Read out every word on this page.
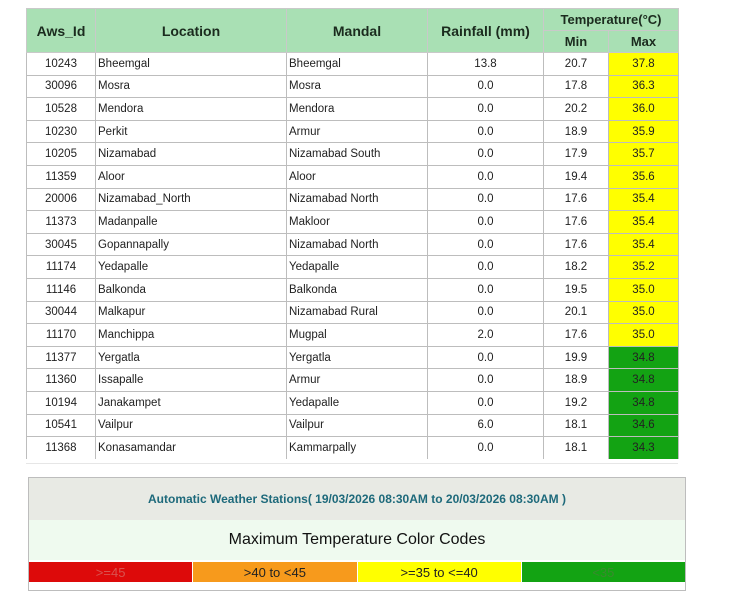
Aws_Id	Location	Mandal	Rainfall (mm)	Temperature(°C)	
				Min	Max
10243	Bheemgal	Bheemgal	13.8	20.7	37.8
30096	Mosra	Mosra	0.0	17.8	36.3
10528	Mendora	Mendora	0.0	20.2	36.0
10230	Perkit	Armur	0.0	18.9	35.9
10205	Nizamabad	Nizamabad South	0.0	17.9	35.7
11359	Aloor	Aloor	0.0	19.4	35.6
20006	Nizamabad_North	Nizamabad North	0.0	17.6	35.4
11373	Madanpalle	Makloor	0.0	17.6	35.4
30045	Gopannapally	Nizamabad North	0.0	17.6	35.4
11174	Yedapalle	Yedapalle	0.0	18.2	35.2
11146	Balkonda	Balkonda	0.0	19.5	35.0
30044	Malkapur	Nizamabad Rural	0.0	20.1	35.0
11170	Manchippa	Mugpal	2.0	17.6	35.0
11377	Yergatla	Yergatla	0.0	19.9	34.8
11360	Issapalle	Armur	0.0	18.9	34.8
10194	Janakampet	Yedapalle	0.0	19.2	34.8
10541	Vailpur	Vailpur	6.0	18.1	34.6
11368	Konasamandar	Kammarpally	0.0	18.1	34.3
Automatic Weather Stations( 19/03/2026 08:30AM to 20/03/2026 08:30AM )
Maximum Temperature Color Codes
>=45	>40 to <45	>=35 to <=40	<35
